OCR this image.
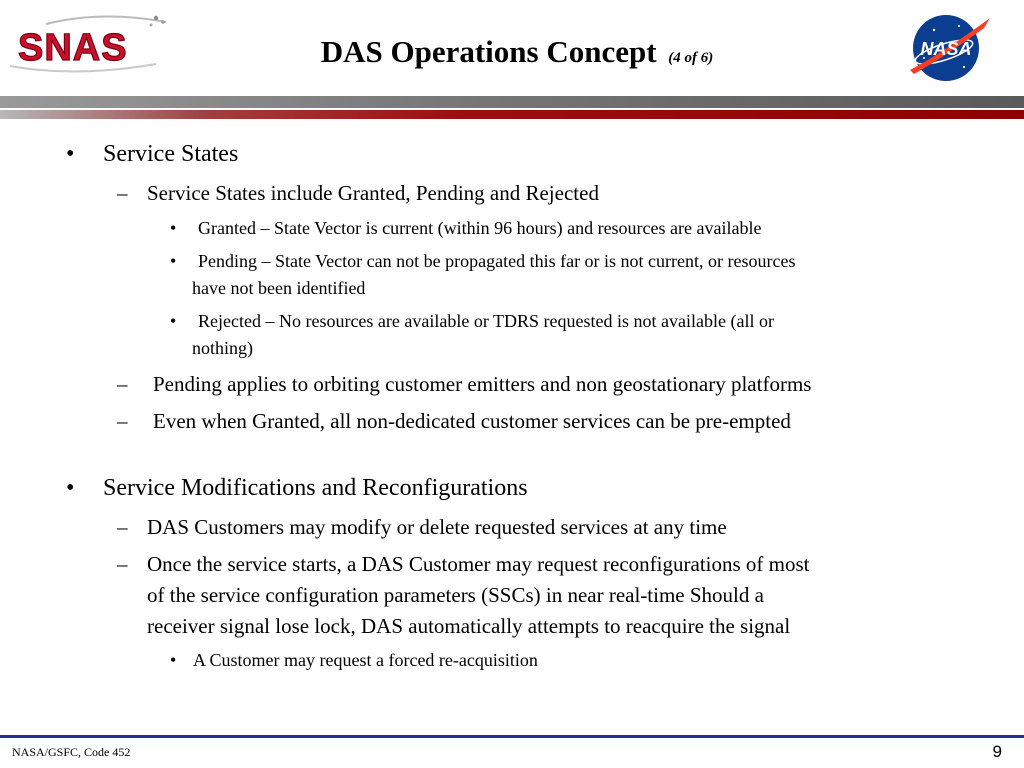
SNAS	DAS Operations Concept (4 of 6)	NASA
• Service States
– Service States include Granted, Pending and Rejected
• Granted – State Vector is current (within 96 hours) and resources are available
• Pending – State Vector can not be propagated this far or is not current, or resources
have not been identified
• Rejected – No resources are available or TDRS requested is not available (all or
nothing)
– Pending applies to orbiting customer emitters and non geostationary platforms
– Even when Granted, all non-dedicated customer services can be pre-empted
• Service Modifications and Reconfigurations
– DAS Customers may modify or delete requested services at any time
– Once the service starts, a DAS Customer may request reconfigurations of most
of the service configuration parameters (SSCs) in near real-time Should a
receiver signal lose lock, DAS automatically attempts to reacquire the signal
• A Customer may request a forced re-acquisition
NASA/GSFC, Code 452	9
